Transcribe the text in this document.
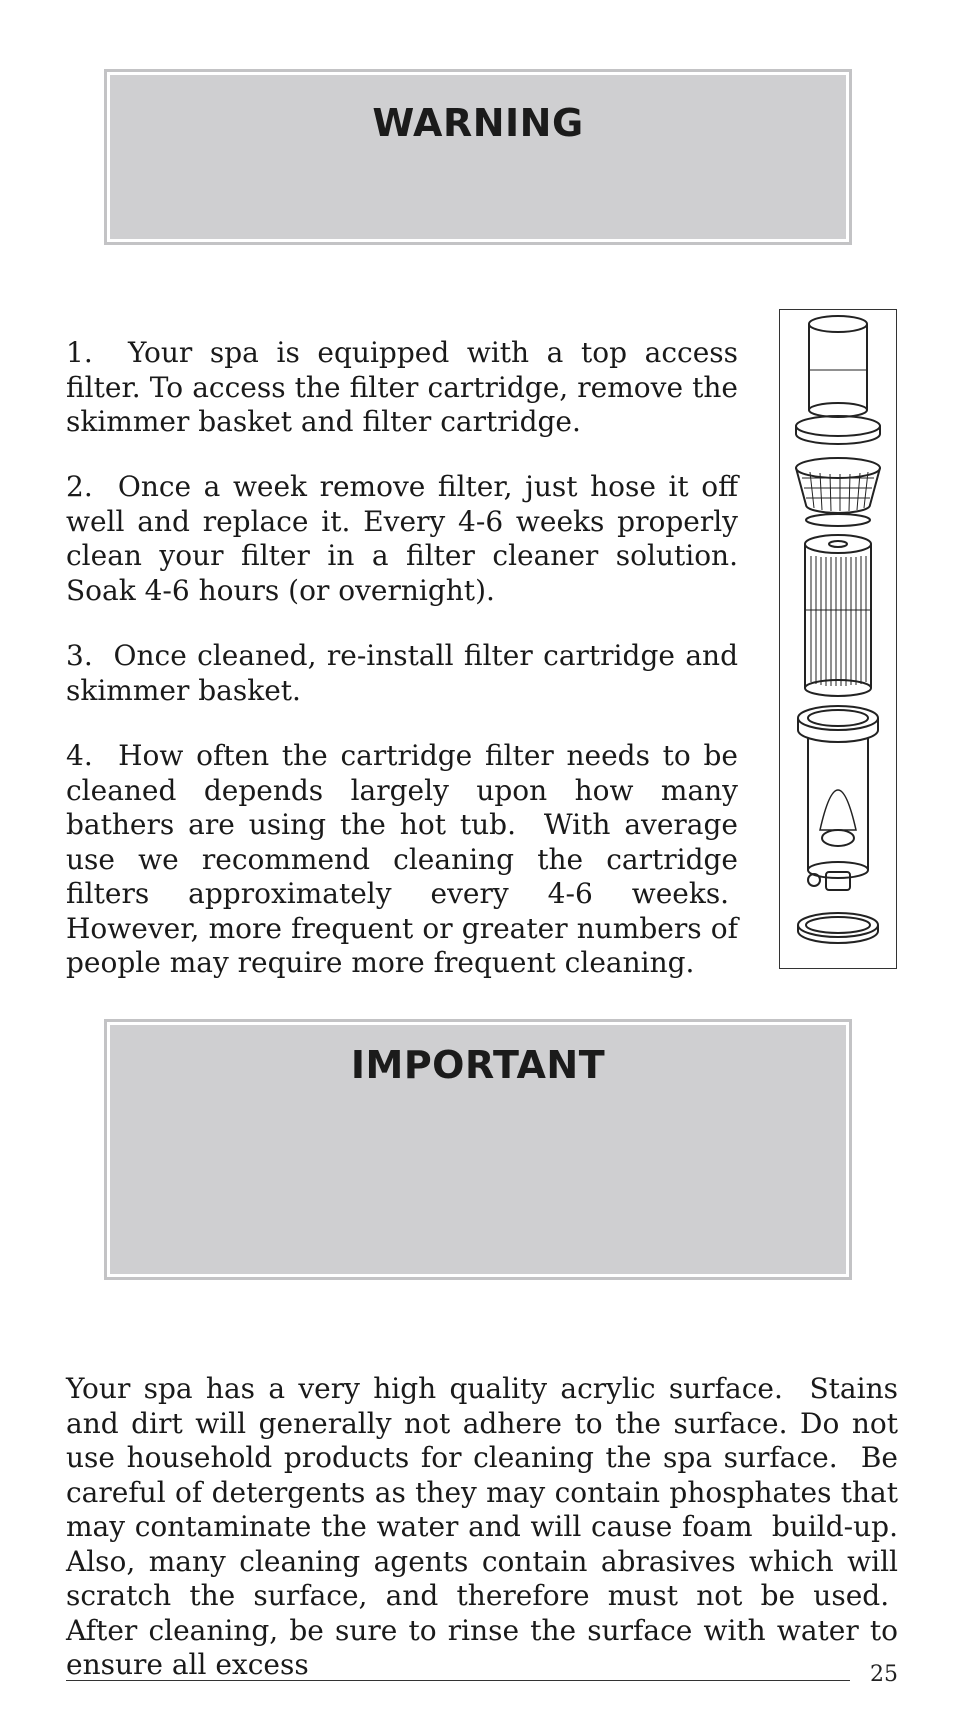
WARNING

1.  Your spa is equipped with a top access filter. To access the filter cartridge, remove the skimmer basket and filter cartridge.

2.  Once a week remove filter, just hose it off well and replace it. Every 4-6 weeks properly clean your filter in a filter cleaner solution. Soak 4-6 hours (or overnight).

3.  Once cleaned, re-install filter cartridge and skimmer basket.

4.  How often the cartridge filter needs to be cleaned depends largely upon how many bathers are using the hot tub.  With average use we recommend cleaning the cartridge filters approximately every 4-6 weeks.  However, more frequent or greater numbers of people may require more frequent cleaning.

IMPORTANT

Your spa has a very high quality acrylic surface.  Stains and dirt will generally not adhere to the surface. Do not use household products for cleaning the spa surface.  Be careful of detergents as they may contain phosphates that may contaminate the water and will cause foam  build-up. Also, many cleaning agents contain abrasives which will scratch the surface, and therefore must not be used.  After cleaning, be sure to rinse the surface with water to ensure all excess	25
